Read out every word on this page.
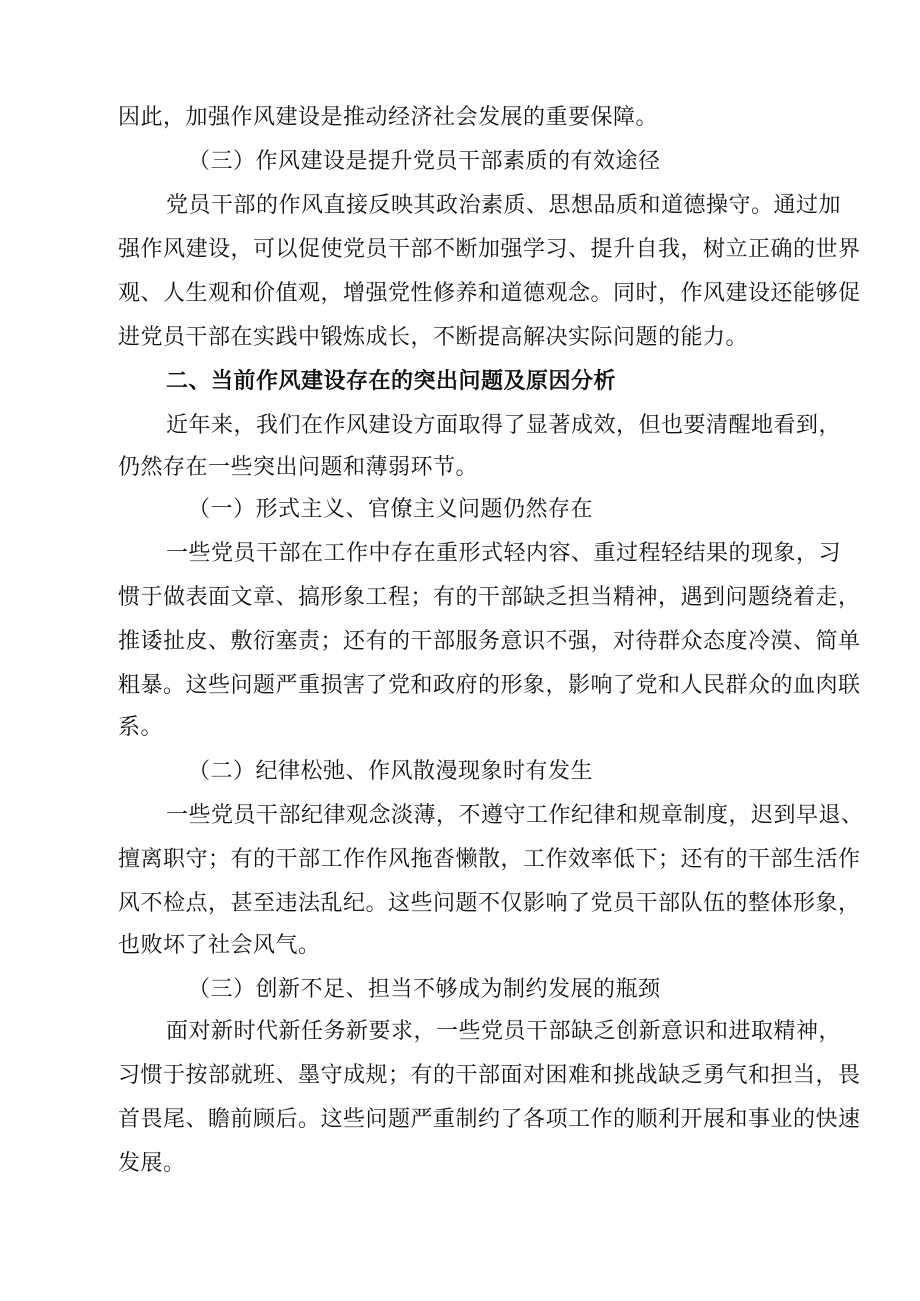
因此，加强作风建设是推动经济社会发展的重要保障。

（三）作风建设是提升党员干部素质的有效途径

党员干部的作风直接反映其政治素质、思想品质和道德操守。通过加

强作风建设，可以促使党员干部不断加强学习、提升自我，树立正确的世界

观、人生观和价值观，增强党性修养和道德观念。同时，作风建设还能够促

进党员干部在实践中锻炼成长，不断提高解决实际问题的能力。

二、当前作风建设存在的突出问题及原因分析

近年来，我们在作风建设方面取得了显著成效，但也要清醒地看到，

仍然存在一些突出问题和薄弱环节。

（一）形式主义、官僚主义问题仍然存在

一些党员干部在工作中存在重形式轻内容、重过程轻结果的现象，习

惯于做表面文章、搞形象工程；有的干部缺乏担当精神，遇到问题绕着走，

推诿扯皮、敷衍塞责；还有的干部服务意识不强，对待群众态度冷漠、简单

粗暴。这些问题严重损害了党和政府的形象，影响了党和人民群众的血肉联

系。

（二）纪律松弛、作风散漫现象时有发生

一些党员干部纪律观念淡薄，不遵守工作纪律和规章制度，迟到早退、

擅离职守；有的干部工作作风拖沓懒散，工作效率低下；还有的干部生活作

风不检点，甚至违法乱纪。这些问题不仅影响了党员干部队伍的整体形象，

也败坏了社会风气。

（三）创新不足、担当不够成为制约发展的瓶颈

面对新时代新任务新要求，一些党员干部缺乏创新意识和进取精神，

习惯于按部就班、墨守成规；有的干部面对困难和挑战缺乏勇气和担当，畏

首畏尾、瞻前顾后。这些问题严重制约了各项工作的顺利开展和事业的快速

发展。
